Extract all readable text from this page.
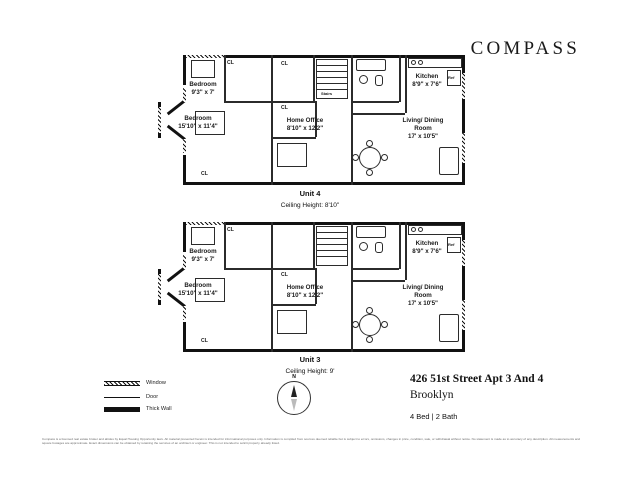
COMPASS
Stairs
Ref
CL
CL
CL
CL
Bedroom
9'3" x 7'
Bedroom
15'10" x 11'4"
Home Office
8'10" x 12'2"
Living/ Dining Room
17' x 10'5"
Kitchen
8'9" x 7'6"
Unit 4
Ceiling Height: 8'10"
Ref
CL
CL
CL
Bedroom
9'3" x 7'
Bedroom
15'10" x 11'4"
Home Office
8'10" x 12'2"
Living/ Dining Room
17' x 10'5"
Kitchen
8'9" x 7'6"
Unit 3
Ceiling Height: 9'
Window
Door
Thick Wall
N	426 51st Street Apt 3 And 4
Brooklyn
4 Bed | 2 Bath
Compass is a licensed real estate broker and abides by Equal Housing Opportunity laws. All material presented herein is intended for informational purposes only. Information is compiled from sources deemed reliable but is subject to errors, omissions, changes in price, condition, sale, or withdrawal without notice. No statement is made as to accuracy of any description. All measurements and square footages are approximate. Exact dimensions can be obtained by retaining the services of an architect or engineer. This is not intended to solicit property already listed.
